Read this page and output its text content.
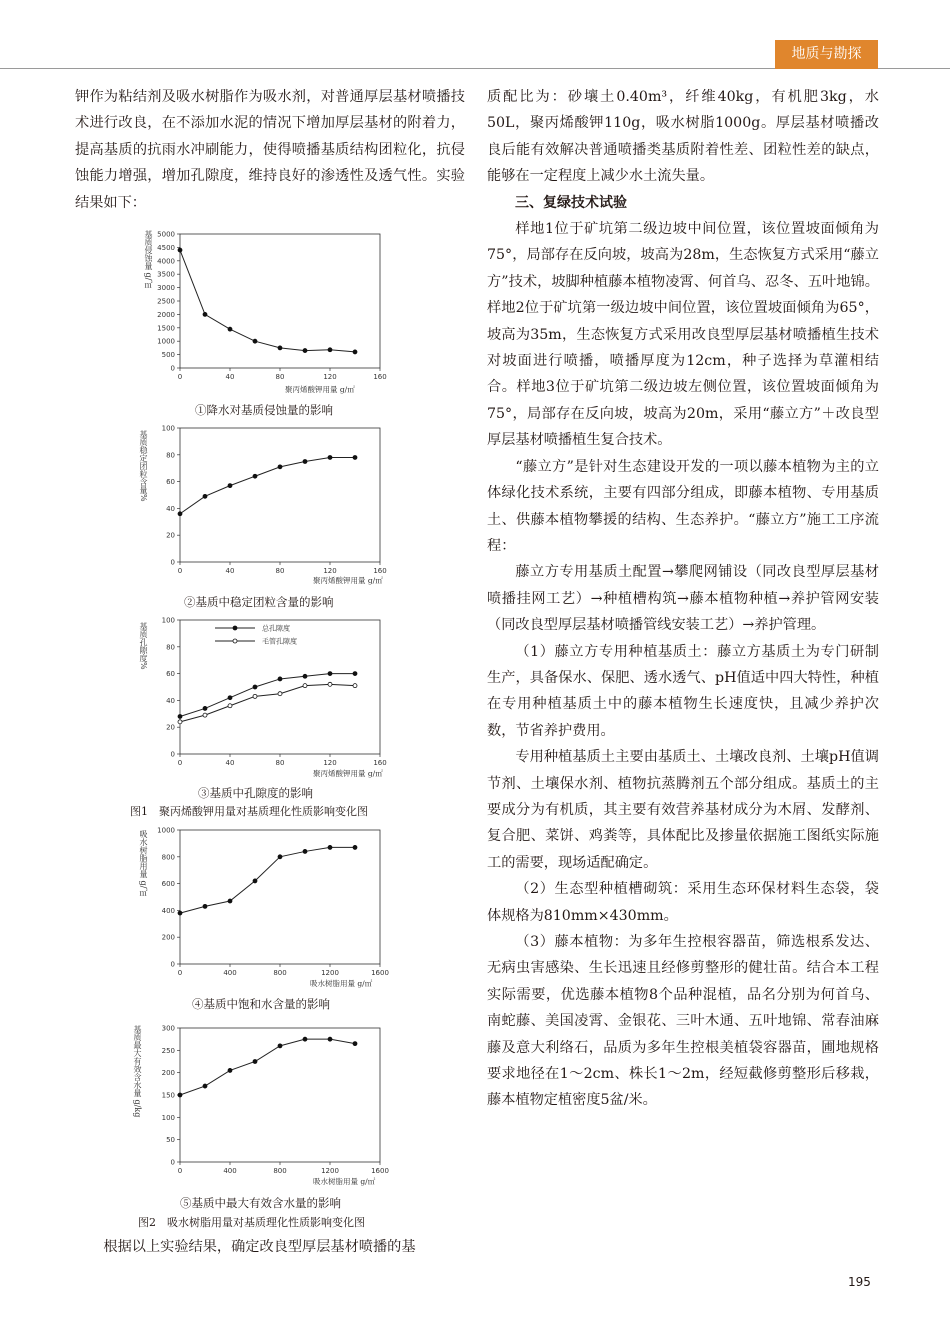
地质与勘探

钾作为粘结剂及吸水树脂作为吸水剂，对普通厚层基材喷播技术进行改良，在不添加水泥的情况下增加厚层基材的附着力，提高基质的抗雨水冲刷能力，使得喷播基质结构团粒化，抗侵蚀能力增强，增加孔隙度，维持良好的渗透性及透气性。实验结果如下：

基质侵蚀量 g/㎡
0
500
1000
1500
2000
2500
3000
3500
4000
4500
5000
0	40	80	120	160
聚丙烯酸钾用量 g/㎡
①降水对基质侵蚀量的影响
基质稳定团粒含量%
0
20
40
60
80
100
0	40	80	120	160
聚丙烯酸钾用量 g/㎡
②基质中稳定团粒含量的影响
基质孔隙度%
0
20
40
60
80
100
0	40	80	120	160
总孔隙度
毛管孔隙度
聚丙烯酸钾用量 g/㎡
③基质中孔隙度的影响
图1　聚丙烯酸钾用量对基质理化性质影响变化图
吸水树脂用量 g/㎡
0
200
400
600
800
1000
0	400	800	1200	1600
吸水树脂用量 g/㎡
④基质中饱和水含量的影响
基质最大有效含水量 g/kg
0
50
100
150
200
250
300
0	400	800	1200	1600
吸水树脂用量 g/㎡
⑤基质中最大有效含水量的影响
图2　吸水树脂用量对基质理化性质影响变化图

根据以上实验结果，确定改良型厚层基材喷播的基

质配比为：砂壤土0.40m³，纤维40kg，有机肥3kg，水50L，聚丙烯酸钾110g，吸水树脂1000g。厚层基材喷播改良后能有效解决普通喷播类基质附着性差、团粒性差的缺点，能够在一定程度上减少水土流失量。

三、复绿技术试验

样地1位于矿坑第二级边坡中间位置，该位置坡面倾角为75°，局部存在反向坡，坡高为28m，生态恢复方式采用“藤立方”技术，坡脚种植藤本植物凌霄、何首乌、忍冬、五叶地锦。样地2位于矿坑第一级边坡中间位置，该位置坡面倾角为65°，坡高为35m，生态恢复方式采用改良型厚层基材喷播植生技术对坡面进行喷播，喷播厚度为12cm，种子选择为草灌相结合。样地3位于矿坑第二级边坡左侧位置，该位置坡面倾角为75°，局部存在反向坡，坡高为20m，采用“藤立方”＋改良型厚层基材喷播植生复合技术。

“藤立方”是针对生态建设开发的一项以藤本植物为主的立体绿化技术系统，主要有四部分组成，即藤本植物、专用基质土、供藤本植物攀援的结构、生态养护。“藤立方”施工工序流程：

藤立方专用基质土配置→攀爬网铺设（同改良型厚层基材喷播挂网工艺）→种植槽构筑→藤本植物种植→养护管网安装（同改良型厚层基材喷播管线安装工艺）→养护管理。

（1）藤立方专用种植基质土：藤立方基质土为专门研制生产，具备保水、保肥、透水透气、pH值适中四大特性，种植在专用种植基质土中的藤本植物生长速度快，且减少养护次数，节省养护费用。

专用种植基质土主要由基质土、土壤改良剂、土壤pH值调节剂、土壤保水剂、植物抗蒸腾剂五个部分组成。基质土的主要成分为有机质，其主要有效营养基材成分为木屑、发酵剂、复合肥、菜饼、鸡粪等，具体配比及掺量依据施工图纸实际施工的需要，现场适配确定。

（2）生态型种植槽砌筑：采用生态环保材料生态袋，袋体规格为810mm×430mm。

（3）藤本植物：为多年生控根容器苗，筛选根系发达、无病虫害感染、生长迅速且经修剪整形的健壮苗。结合本工程实际需要，优选藤本植物8个品种混植，品名分别为何首乌、南蛇藤、美国凌霄、金银花、三叶木通、五叶地锦、常春油麻藤及意大利络石，品质为多年生控根美植袋容器苗，圃地规格要求地径在1～2cm、株长1～2m，经短截修剪整形后移栽，藤本植物定植密度5盆/米。

195
